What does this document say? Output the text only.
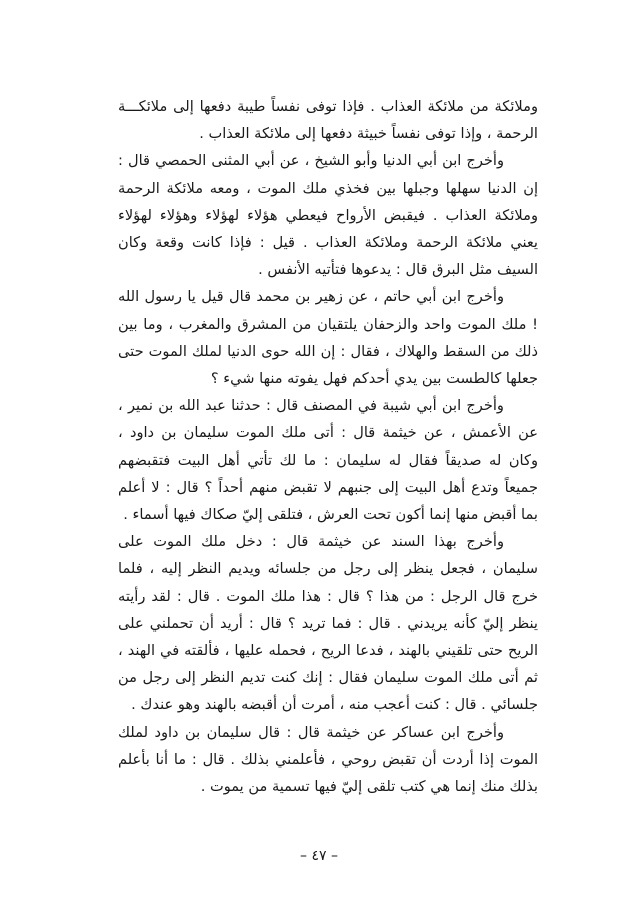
وملائكة من ملائكة العذاب . فإذا توفى نفساً طيبة دفعها إلى ملائكـــة الرحمة ، وإذا توفى نفساً خبيثة دفعها إلى ملائكة العذاب .

وأخرج ابن أبي الدنيا وأبو الشيخ ، عن أبي المثنى الحمصي قال : إن الدنيا سهلها وجبلها بين فخذي ملك الموت ، ومعه ملائكة الرحمة وملائكة العذاب . فيقبض الأرواح فيعطي هؤلاء لهؤلاء وهؤلاء لهؤلاء يعني ملائكة الرحمة وملائكة العذاب . قيل : فإذا كانت وقعة وكان السيف مثل البرق قال : يدعوها فتأتيه الأنفس .

وأخرج ابن أبي حاتم ، عن زهير بن محمد قال قيل يا رسول الله ! ملك الموت واحد والزحفان يلتقيان من المشرق والمغرب ، وما بين ذلك من السقط والهلاك ، فقال : إن الله حوى الدنيا لملك الموت حتى جعلها كالطست بين يدي أحدكم فهل يفوته منها شيء ؟

وأخرج ابن أبي شيبة في المصنف قال : حدثنا عبد الله بن نمير ، عن الأعمش ، عن خيثمة قال : أتى ملك الموت سليمان بن داود ، وكان له صديقاً فقال له سليمان : ما لك تأتي أهل البيت فتقبضهم جميعاً وتدع أهل البيت إلى جنبهم لا تقبض منهم أحداً ؟ قال : لا أعلم بما أقبض منها إنما أكون تحت العرش ، فتلقى إليّ صكاك فيها أسماء .

وأخرج بهذا السند عن خيثمة قال : دخل ملك الموت على سليمان ، فجعل ينظر إلى رجل من جلسائه ويديم النظر إليه ، فلما خرج قال الرجل : من هذا ؟ قال : هذا ملك الموت . قال : لقد رأيته ينظر إليّ كأنه يريدني . قال : فما تريد ؟ قال : أريد أن تحملني على الريح حتى تلقيني بالهند ، فدعا الريح ، فحمله عليها ، فألقته في الهند ، ثم أتى ملك الموت سليمان فقال : إنك كنت تديم النظر إلى رجل من جلسائي . قال : كنت أعجب منه ، أمرت أن أقبضه بالهند وهو عندك .

وأخرج ابن عساكر عن خيثمة قال : قال سليمان بن داود لملك الموت إذا أردت أن تقبض روحي ، فأعلمني بذلك . قال : ما أنا بأعلم بذلك منك إنما هي كتب تلقى إليّ فيها تسمية من يموت .

– ٤٧ –
